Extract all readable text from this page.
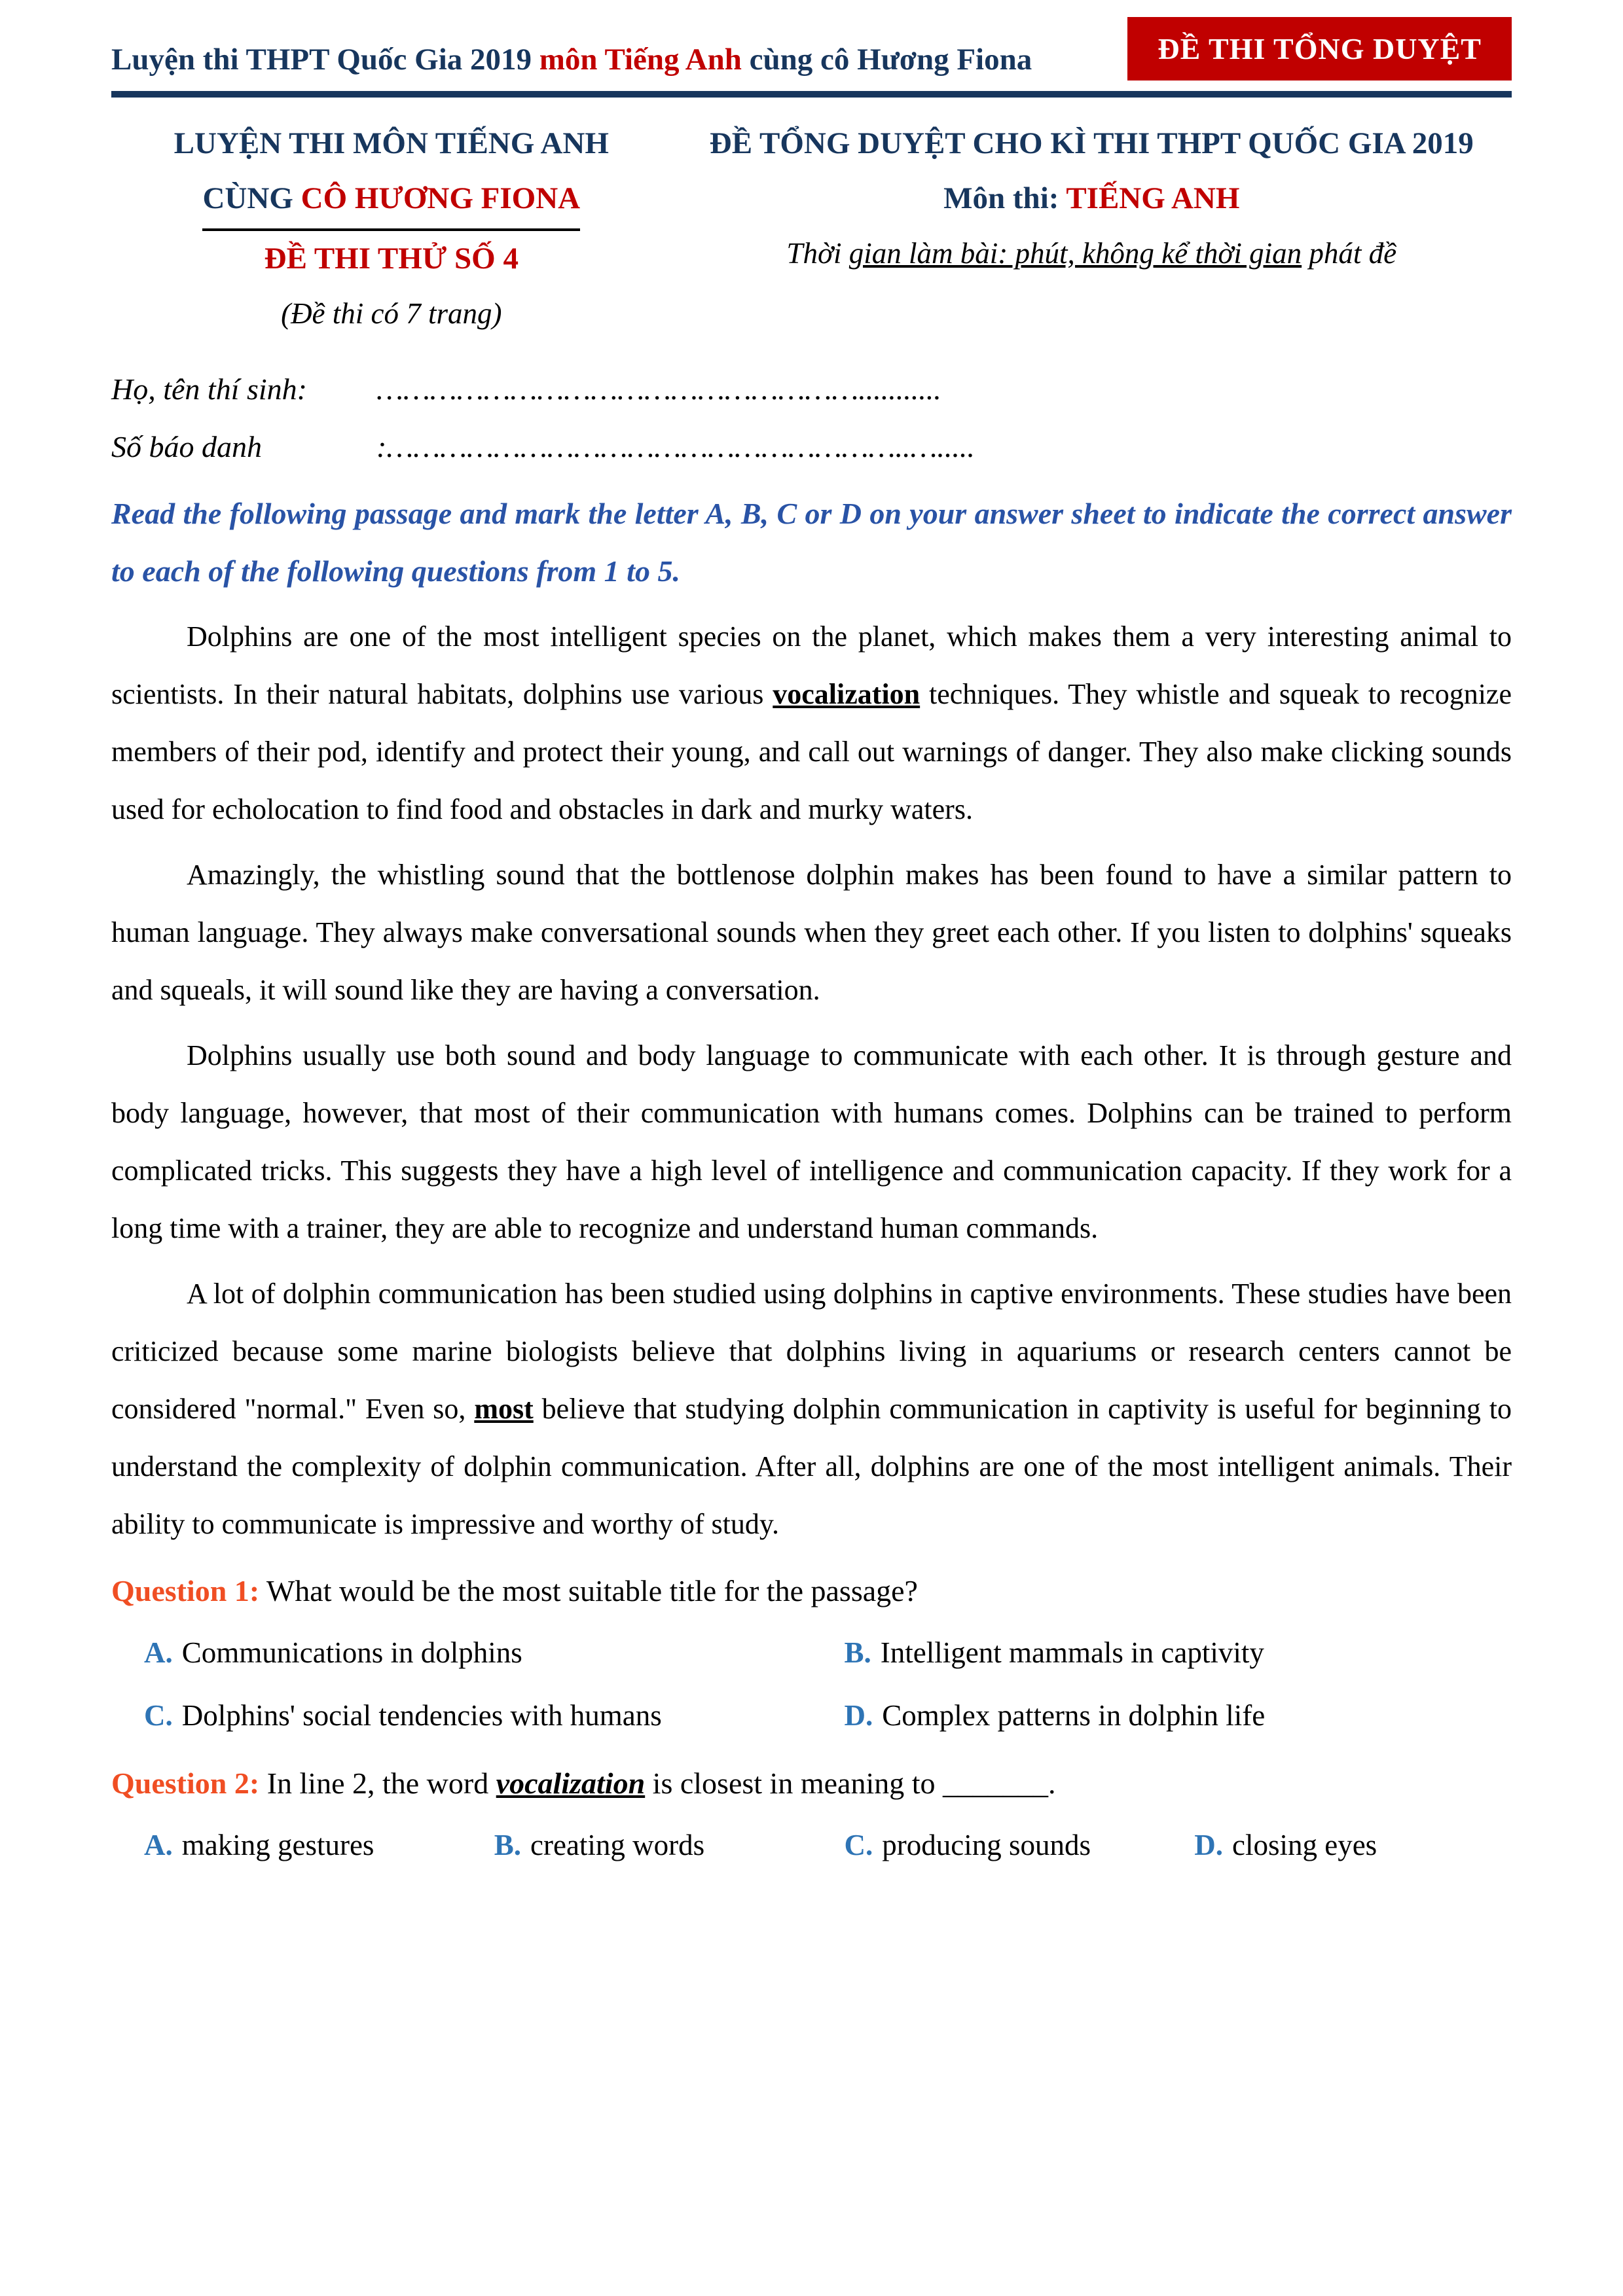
Luyện thi THPT Quốc Gia 2019 môn Tiếng Anh cùng cô Hương Fiona	ĐỀ THI TỔNG DUYỆT
LUYỆN THI MÔN TIẾNG ANH
CÙNG CÔ HƯƠNG FIONA
ĐỀ THI THỬ SỐ 4
(Đề thi có 7 trang)
ĐỀ TỔNG DUYỆT CHO KÌ THI THPT QUỐC GIA 2019
Môn thi: TIẾNG ANH
Thời gian làm bài: phút, không kể thời gian phát đề
Họ, tên thí sinh: ………………………………………………...........
Số báo danh	:…………………………………………………..….....
Read the following passage and mark the letter A, B, C or D on your answer sheet to indicate the correct answer to each of the following questions from 1 to 5.

Dolphins are one of the most intelligent species on the planet, which makes them a very interesting animal to scientists. In their natural habitats, dolphins use various vocalization techniques. They whistle and squeak to recognize members of their pod, identify and protect their young, and call out warnings of danger. They also make clicking sounds used for echolocation to find food and obstacles in dark and murky waters.

Amazingly, the whistling sound that the bottlenose dolphin makes has been found to have a similar pattern to human language. They always make conversational sounds when they greet each other. If you listen to dolphins' squeaks and squeals, it will sound like they are having a conversation.

Dolphins usually use both sound and body language to communicate with each other. It is through gesture and body language, however, that most of their communication with humans comes. Dolphins can be trained to perform complicated tricks. This suggests they have a high level of intelligence and communication capacity. If they work for a long time with a trainer, they are able to recognize and understand human commands.

A lot of dolphin communication has been studied using dolphins in captive environments. These studies have been criticized because some marine biologists believe that dolphins living in aquariums or research centers cannot be considered "normal." Even so, most believe that studying dolphin communication in captivity is useful for beginning to understand the complexity of dolphin communication. After all, dolphins are one of the most intelligent animals. Their ability to communicate is impressive and worthy of study.

Question 1: What would be the most suitable title for the passage?
A. Communications in dolphins	B. Intelligent mammals in captivity
C. Dolphins' social tendencies with humans	D. Complex patterns in dolphin life
Question 2: In line 2, the word vocalization is closest in meaning to _______.
A. making gestures	B. creating words	C. producing sounds	D. closing eyes
